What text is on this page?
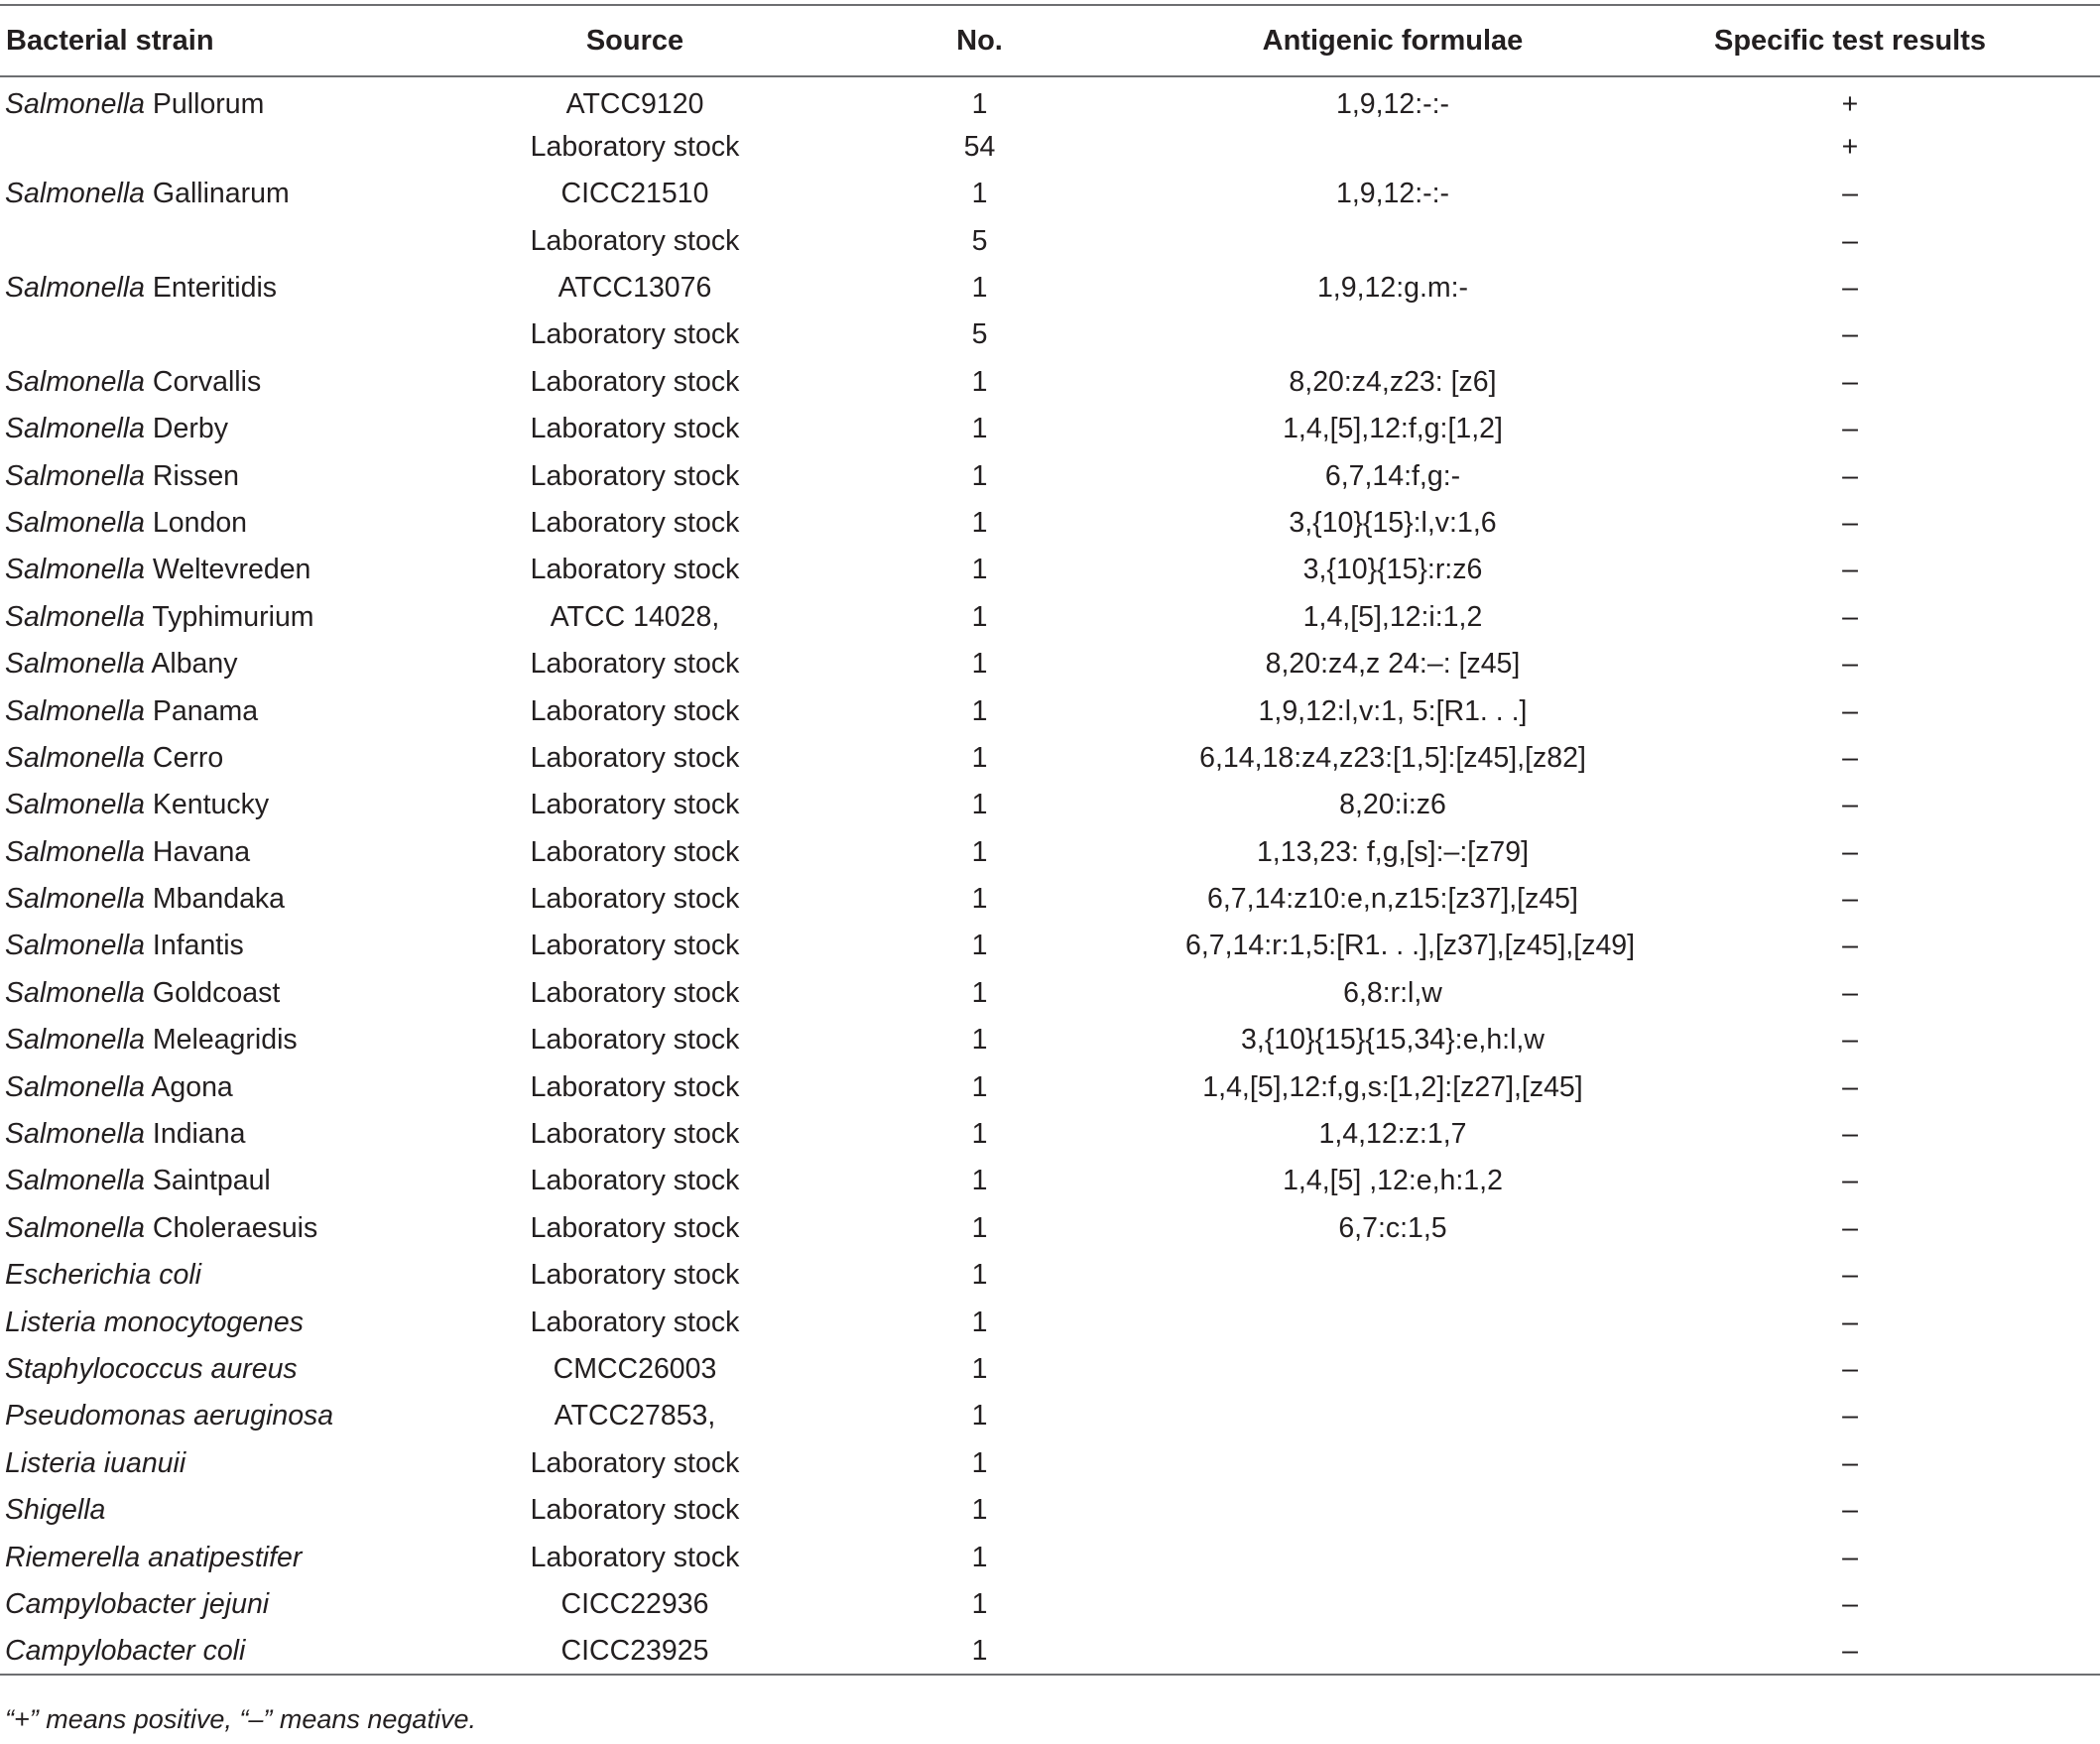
Bacterial strain	Source	No.	Antigenic formulae	Specific test results
Salmonella Pullorum	ATCC9120	1	1,9,12:-:-	+
	Laboratory stock	54		+
Salmonella Gallinarum	CICC21510	1	1,9,12:-:-	–
	Laboratory stock	5		–
Salmonella Enteritidis	ATCC13076	1	1,9,12:g.m:-	–
	Laboratory stock	5		–
Salmonella Corvallis	Laboratory stock	1	8,20:z4,z23: [z6]	–
Salmonella Derby	Laboratory stock	1	1,4,[5],12:f,g:[1,2]	–
Salmonella Rissen	Laboratory stock	1	6,7,14:f,g:-	–
Salmonella London	Laboratory stock	1	3,{10}{15}:l,v:1,6	–
Salmonella Weltevreden	Laboratory stock	1	3,{10}{15}:r:z6	–
Salmonella Typhimurium	ATCC 14028,	1	1,4,[5],12:i:1,2	–
Salmonella Albany	Laboratory stock	1	8,20:z4,z 24:–: [z45]	–
Salmonella Panama	Laboratory stock	1	1,9,12:l,v:1, 5:[R1. . .]	–
Salmonella Cerro	Laboratory stock	1	6,14,18:z4,z23:[1,5]:[z45],[z82]	–
Salmonella Kentucky	Laboratory stock	1	8,20:i:z6	–
Salmonella Havana	Laboratory stock	1	1,13,23: f,g,[s]:–:[z79]	–
Salmonella Mbandaka	Laboratory stock	1	6,7,14:z10:e,n,z15:[z37],[z45]	–
Salmonella Infantis	Laboratory stock	1	6,7,14:r:1,5:[R1. . .],[z37],[z45],[z49]	–
Salmonella Goldcoast	Laboratory stock	1	6,8:r:l,w	–
Salmonella Meleagridis	Laboratory stock	1	3,{10}{15}{15,34}:e,h:l,w	–
Salmonella Agona	Laboratory stock	1	1,4,[5],12:f,g,s:[1,2]:[z27],[z45]	–
Salmonella Indiana	Laboratory stock	1	1,4,12:z:1,7	–
Salmonella Saintpaul	Laboratory stock	1	1,4,[5] ,12:e,h:1,2	–
Salmonella Choleraesuis	Laboratory stock	1	6,7:c:1,5	–
Escherichia coli	Laboratory stock	1		–
Listeria monocytogenes	Laboratory stock	1		–
Staphylococcus aureus	CMCC26003	1		–
Pseudomonas aeruginosa	ATCC27853,	1		–
Listeria iuanuii	Laboratory stock	1		–
Shigella	Laboratory stock	1		–
Riemerella anatipestifer	Laboratory stock	1		–
Campylobacter jejuni	CICC22936	1		–
Campylobacter coli	CICC23925	1		–
“+” means positive, “–” means negative.
